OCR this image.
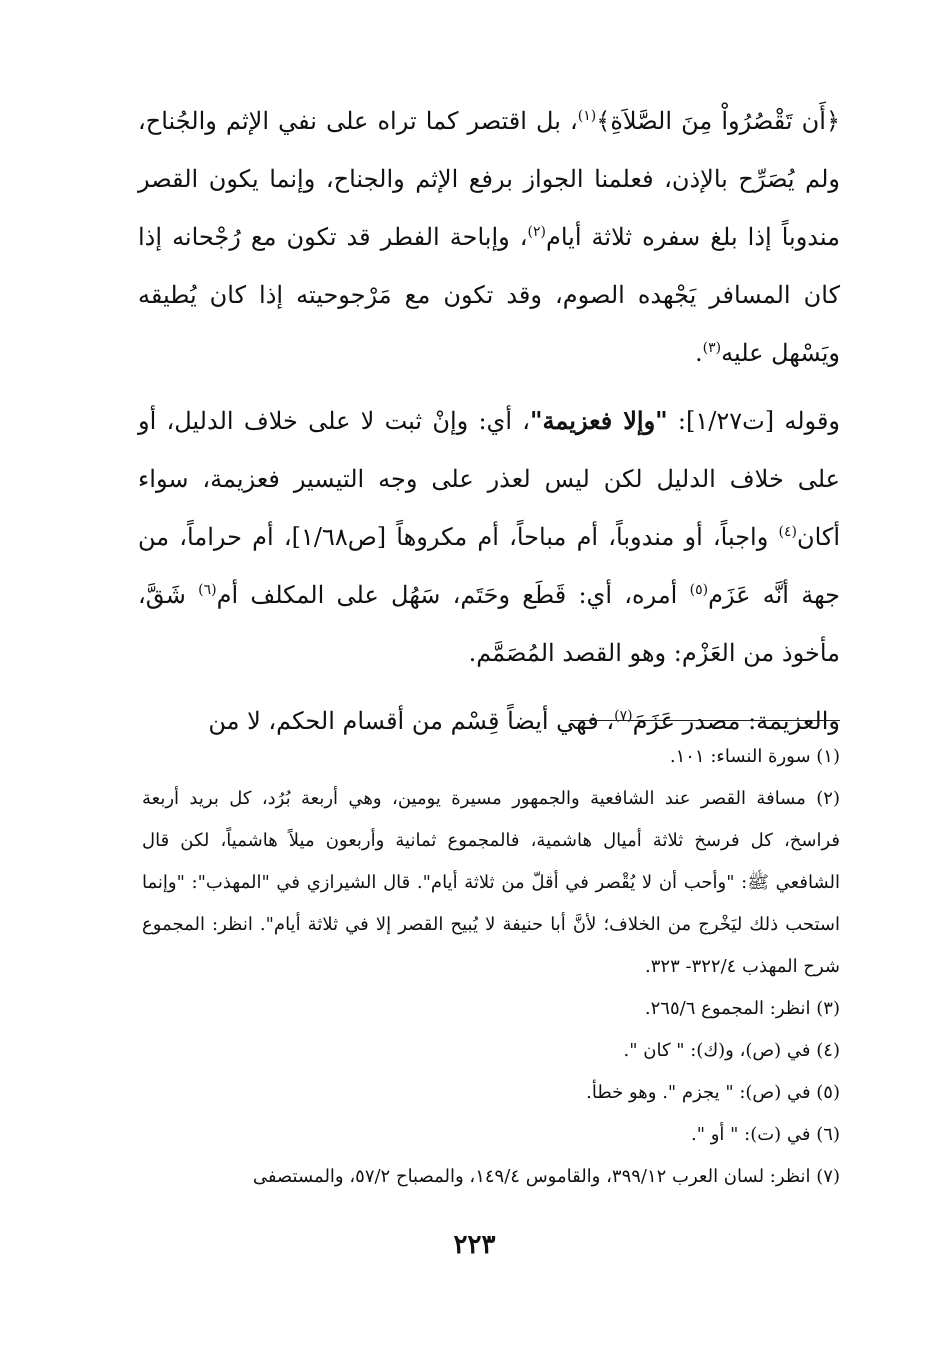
﴿أَن تَقْصُرُواْ مِنَ الصَّلاَةِ﴾$^{(١)}$، بل اقتصر كما تراه على نفي الإثم والجُناح، ولم يُصَرِّح بالإذن، فعلمنا الجواز برفع الإثم والجناح، وإنما يكون القصر مندوباً إذا بلغ سفره ثلاثة أيام$^{(٢)}$، وإباحة الفطر قد تكون مع رُجْحانه إذا كان المسافر يَجْهده الصوم، وقد تكون مع مَرْجوحيته إذا كان يُطيقه ويَسْهل عليه$^{(٣)}$.

وقوله [ت١/٢٧]: "وإلا فعزيمة"، أي: وإنْ ثبت لا على خلاف الدليل، أو على خلاف الدليل لكن ليس لعذر على وجه التيسير فعزيمة، سواء أكان$^{(٤)}$ واجباً، أو مندوباً، أم مباحاً، أم مكروهاً [ص١/٦٨]، أم حراماً، من جهة أنَّه عَزَم$^{(٥)}$ أمره، أي: قَطَع وحَتَم، سَهُل على المكلف أم$^{(٦)}$ شَقَّ، مأخوذ من العَزْم: وهو القصد المُصَمَّم.

والعزيمة: مصدر عَزَمَ$^{(٧)}$، فهي أيضاً قِسْم من أقسام الحكم، لا من

(١) سورة النساء: ١٠١.

(٢) مسافة القصر عند الشافعية والجمهور مسيرة يومين، وهي أربعة بُرُد، كل بريد أربعة فراسخ، كل فرسخ ثلاثة أميال هاشمية، فالمجموع ثمانية وأربعون ميلاً هاشمياً، لكن قال الشافعي ﷺ: "وأحب أن لا يُقْصر في أقلّ من ثلاثة أيام". قال الشيرازي في "المهذب": "وإنما استحب ذلك ليَخْرج من الخلاف؛ لأنَّ أبا حنيفة لا يُبيح القصر إلا في ثلاثة أيام". انظر: المجموع شرح المهذب ٣٢٢/٤- ٣٢٣.

(٣) انظر: المجموع ٢٦٥/٦.

(٤) في (ص)، و(ك): " كان ".

(٥) في (ص): " يجزم ". وهو خطأ.

(٦) في (ت): " أو ".

(٧) انظر: لسان العرب ٣٩٩/١٢، والقاموس ١٤٩/٤، والمصباح ٥٧/٢، والمستصفى

٢٢٣
